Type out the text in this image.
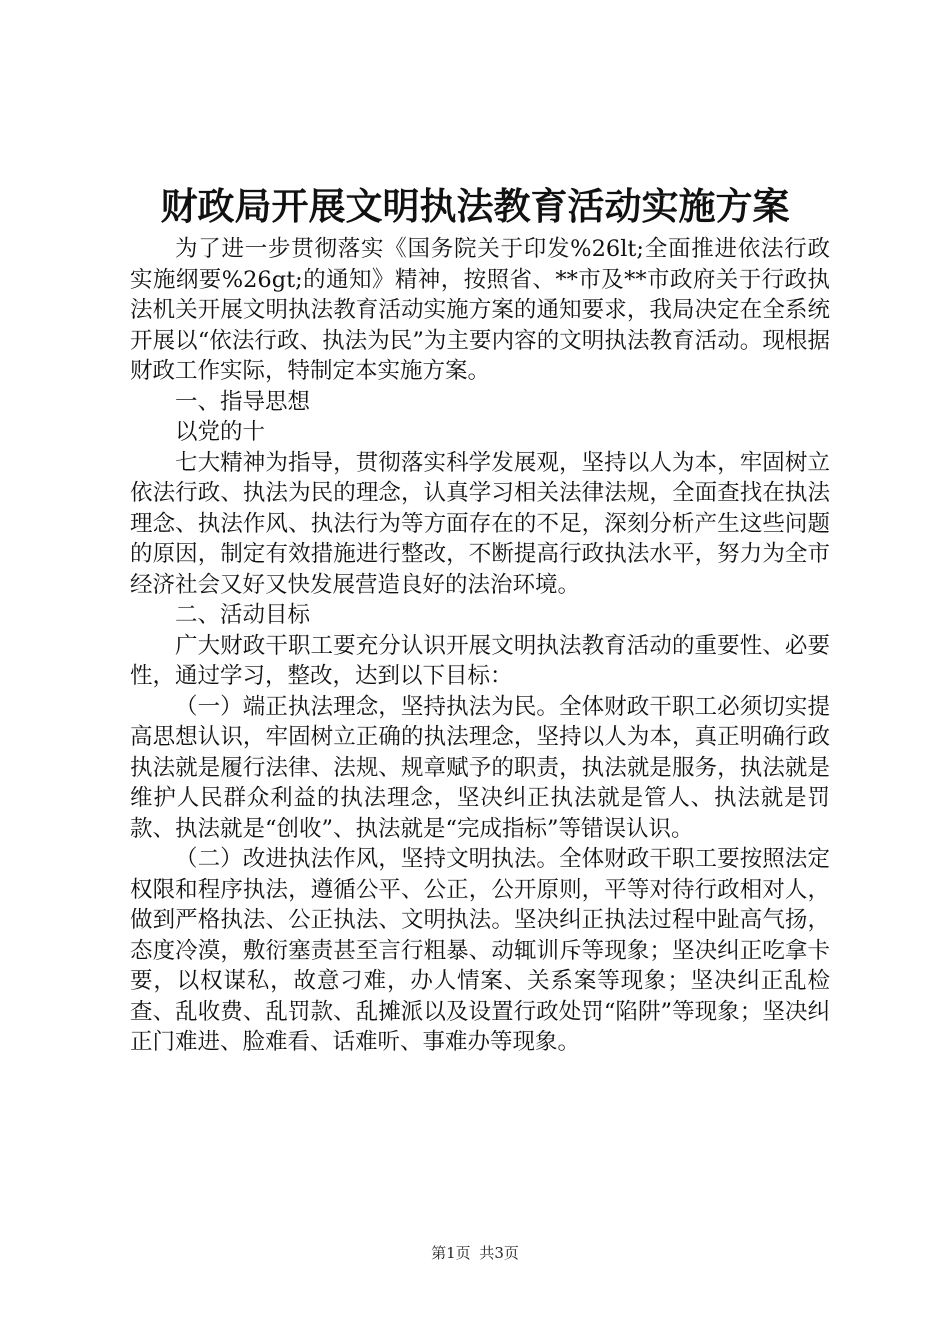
财政局开展文明执法教育活动实施方案

为了进一步贯彻落实《国务院关于印发%26lt;全面推进依法行政实施纲要%26gt;的通知》精神，按照省、**市及**市政府关于行政执法机关开展文明执法教育活动实施方案的通知要求，我局决定在全系统开展以“依法行政、执法为民”为主要内容的文明执法教育活动。现根据财政工作实际，特制定本实施方案。

一、指导思想

以党的十

七大精神为指导，贯彻落实科学发展观，坚持以人为本，牢固树立依法行政、执法为民的理念，认真学习相关法律法规，全面查找在执法理念、执法作风、执法行为等方面存在的不足，深刻分析产生这些问题的原因，制定有效措施进行整改，不断提高行政执法水平，努力为全市经济社会又好又快发展营造良好的法治环境。

二、活动目标

广大财政干职工要充分认识开展文明执法教育活动的重要性、必要性，通过学习，整改，达到以下目标：

（一）端正执法理念，坚持执法为民。全体财政干职工必须切实提高思想认识，牢固树立正确的执法理念，坚持以人为本，真正明确行政执法就是履行法律、法规、规章赋予的职责，执法就是服务，执法就是维护人民群众利益的执法理念，坚决纠正执法就是管人、执法就是罚款、执法就是“创收”、执法就是“完成指标”等错误认识。

（二）改进执法作风，坚持文明执法。全体财政干职工要按照法定权限和程序执法，遵循公平、公正，公开原则，平等对待行政相对人，做到严格执法、公正执法、文明执法。坚决纠正执法过程中趾高气扬，态度冷漠，敷衍塞责甚至言行粗暴、动辄训斥等现象；坚决纠正吃拿卡要，以权谋私，故意刁难，办人情案、关系案等现象；坚决纠正乱检查、乱收费、乱罚款、乱摊派以及设置行政处罚“陷阱”等现象；坚决纠正门难进、脸难看、话难听、事难办等现象。

第1页 共3页
